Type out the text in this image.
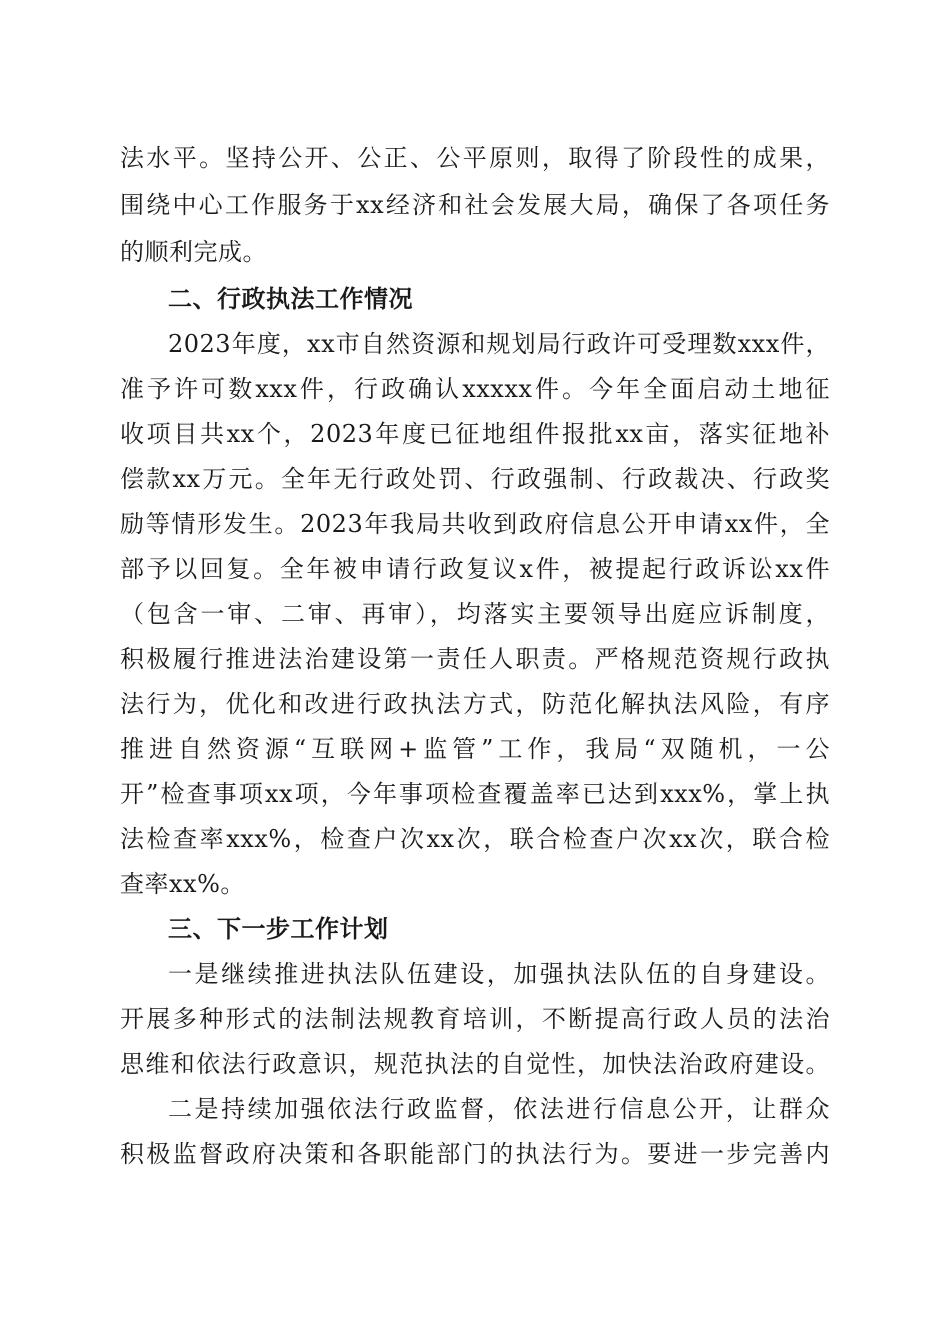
法水平。坚持公开、公正、公平原则，取得了阶段性的成果，
围绕中心工作服务于xx经济和社会发展大局，确保了各项任务
的顺利完成。
二、行政执法工作情况
2023年度，xx市自然资源和规划局行政许可受理数xxx件，
准予许可数xxx件，行政确认xxxxx件。今年全面启动土地征
收项目共xx个，2023年度已征地组件报批xx亩，落实征地补
偿款xx万元。全年无行政处罚、行政强制、行政裁决、行政奖
励等情形发生。2023年我局共收到政府信息公开申请xx件，全
部予以回复。全年被申请行政复议x件，被提起行政诉讼xx件
（包含一审、二审、再审），均落实主要领导出庭应诉制度，
积极履行推进法治建设第一责任人职责。严格规范资规行政执
法行为，优化和改进行政执法方式，防范化解执法风险，有序
推进自然资源“互联网+监管”工作，我局“双随机，一公
开”检查事项xx项，今年事项检查覆盖率已达到xxx%，掌上执
法检查率xxx%，检查户次xx次，联合检查户次xx次，联合检
查率xx%。
三、下一步工作计划
一是继续推进执法队伍建设，加强执法队伍的自身建设。
开展多种形式的法制法规教育培训，不断提高行政人员的法治
思维和依法行政意识，规范执法的自觉性，加快法治政府建设。
二是持续加强依法行政监督，依法进行信息公开，让群众
积极监督政府决策和各职能部门的执法行为。要进一步完善内
